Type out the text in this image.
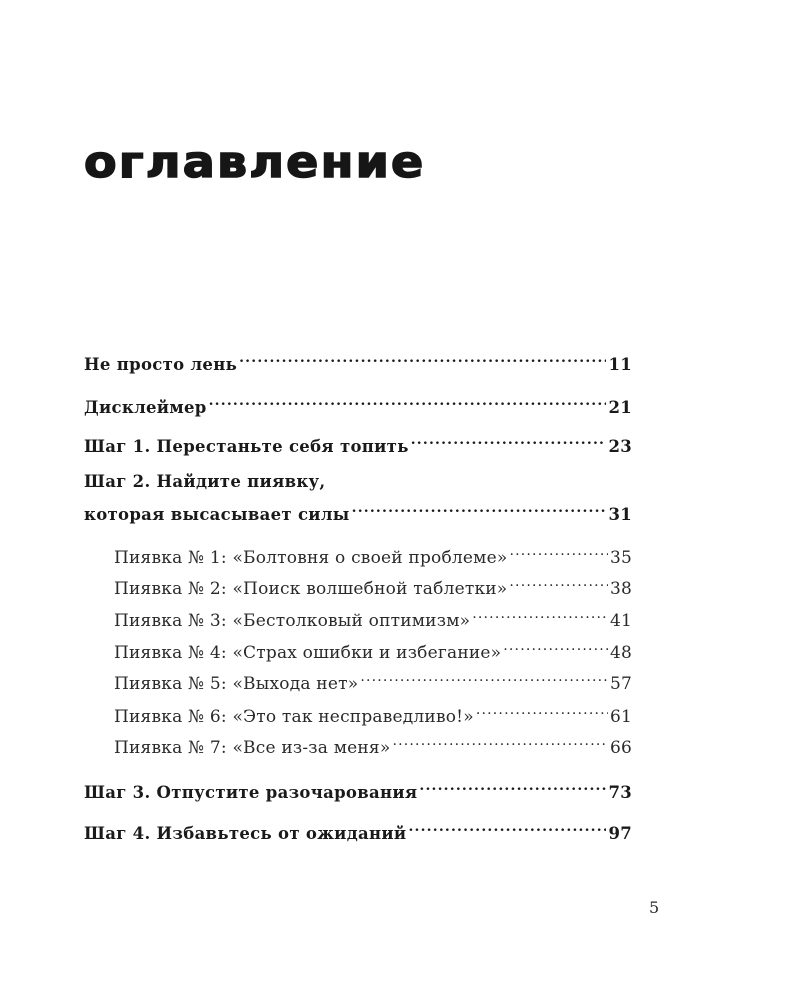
оглавление
Не просто лень .....	11
Дисклеймер .....	21
Шаг 1. Перестаньте себя топить .....	23
Шаг 2. Найдите пиявку,
которая высасывает силы .....	31
Пиявка № 1: «Болтовня о своей проблеме» .....	35
Пиявка № 2: «Поиск волшебной таблетки» .....	38
Пиявка № 3: «Бестолковый оптимизм» .....	41
Пиявка № 4: «Страх ошибки и избегание» .....	48
Пиявка № 5: «Выхода нет» .....	57
Пиявка № 6: «Это так несправедливо!» .....	61
Пиявка № 7: «Все из-за меня» .....	66
Шаг 3. Отпустите разочарования .....	73
Шаг 4. Избавьтесь от ожиданий .....	97
5
